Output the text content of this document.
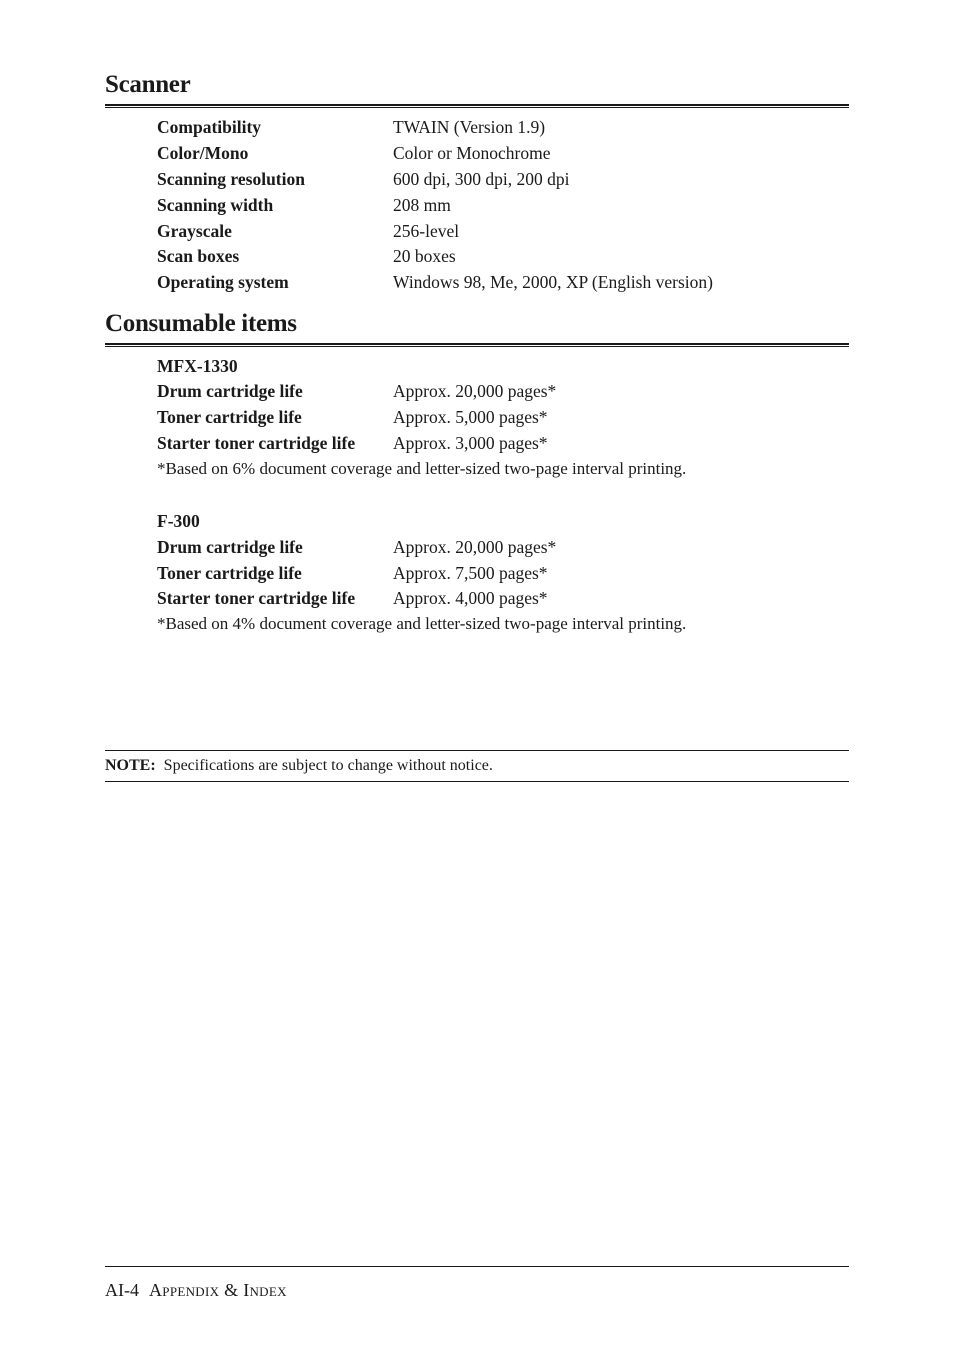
Scanner
Compatibility	TWAIN (Version 1.9)
Color/Mono	Color or Monochrome
Scanning resolution	600 dpi, 300 dpi, 200 dpi
Scanning width	208 mm
Grayscale	256-level
Scan boxes	20 boxes
Operating system	Windows 98, Me, 2000, XP (English version)
Consumable items
MFX-1330
Drum cartridge life	Approx. 20,000 pages*
Toner cartridge life	Approx. 5,000 pages*
Starter toner cartridge life Approx. 3,000 pages*
*Based on 6% document coverage and letter-sized two-page interval printing.
F-300
Drum cartridge life	Approx. 20,000 pages*
Toner cartridge life	Approx. 7,500 pages*
Starter toner cartridge life Approx. 4,000 pages*
*Based on 4% document coverage and letter-sized two-page interval printing.
NOTE: Specifications are subject to change without notice.
AI-4 Appendix & Index
